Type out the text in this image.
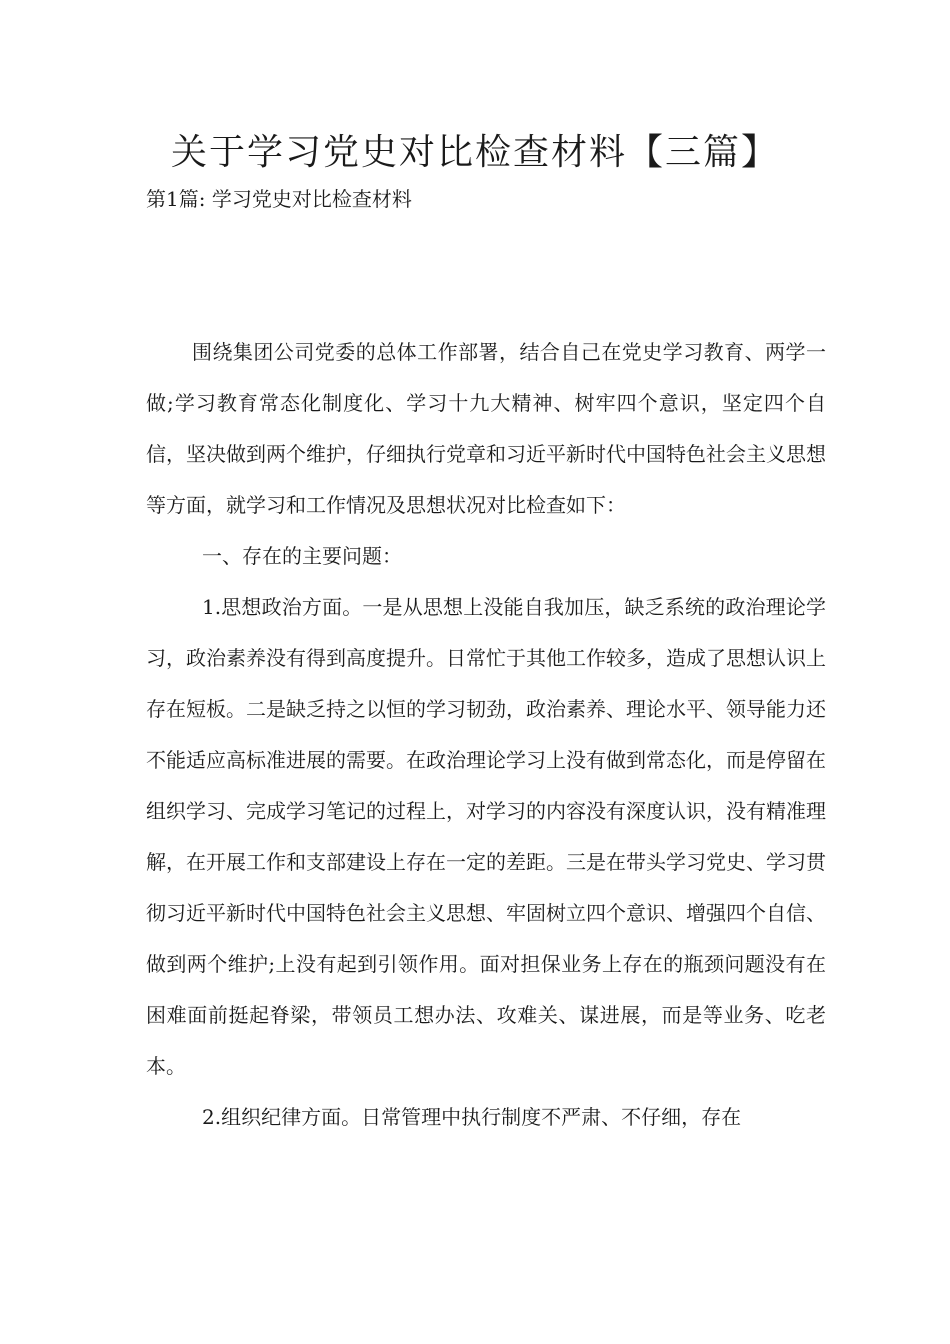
关于学习党史对比检查材料【三篇】
第1篇: 学习党史对比检查材料

围绕集团公司党委的总体工作部署，结合自己在党史学习教育、两学一做;学习教育常态化制度化、学习十九大精神、树牢四个意识，坚定四个自信，坚决做到两个维护，仔细执行党章和习近平新时代中国特色社会主义思想等方面，就学习和工作情况及思想状况对比检查如下：

一、存在的主要问题：

1.思想政治方面。一是从思想上没能自我加压，缺乏系统的政治理论学习，政治素养没有得到高度提升。日常忙于其他工作较多，造成了思想认识上存在短板。二是缺乏持之以恒的学习韧劲，政治素养、理论水平、领导能力还不能适应高标准进展的需要。在政治理论学习上没有做到常态化，而是停留在组织学习、完成学习笔记的过程上，对学习的内容没有深度认识，没有精准理解，在开展工作和支部建设上存在一定的差距。三是在带头学习党史、学习贯彻习近平新时代中国特色社会主义思想、牢固树立四个意识、增强四个自信、做到两个维护;上没有起到引领作用。面对担保业务上存在的瓶颈问题没有在困难面前挺起脊梁，带领员工想办法、攻难关、谋进展，而是等业务、吃老本。

2.组织纪律方面。日常管理中执行制度不严肃、不仔细，存在
